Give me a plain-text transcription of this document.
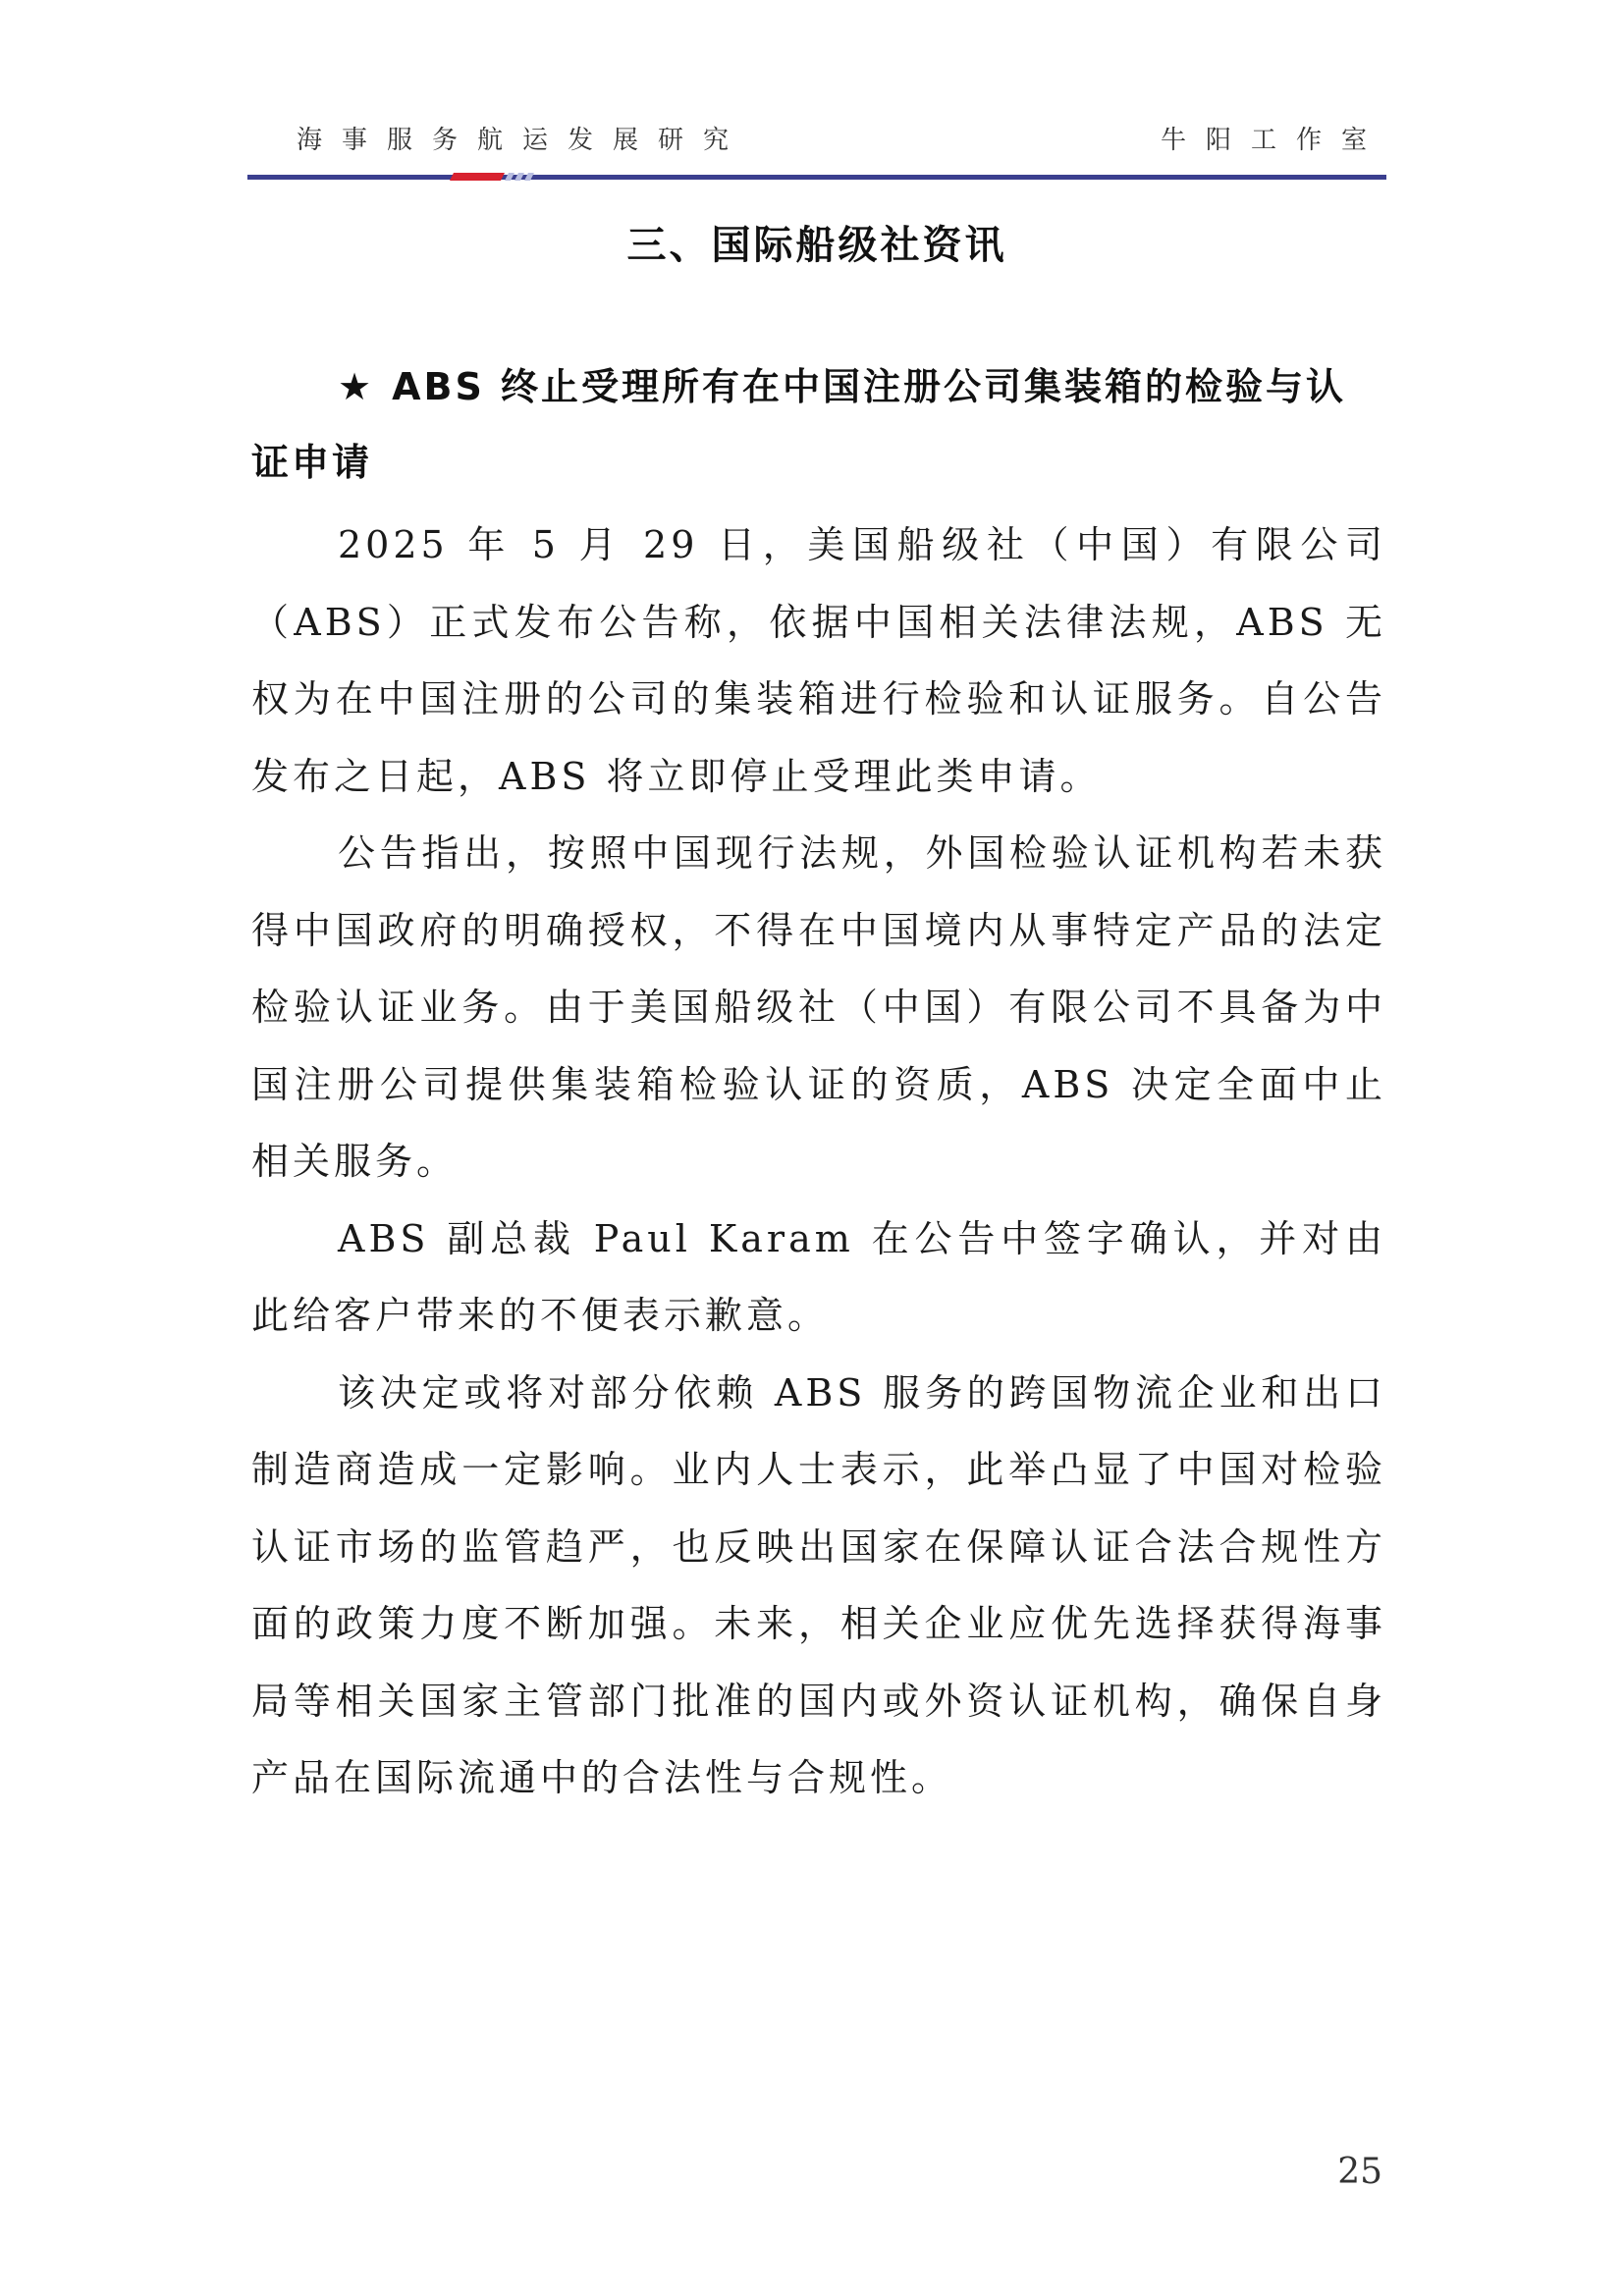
海事服务航运发展研究	牛阳工作室
三、国际船级社资讯
★ ABS 终止受理所有在中国注册公司集装箱的检验与认证申请

2025 年 5 月 29 日，美国船级社（中国）有限公司（ABS）正式发布公告称，依据中国相关法律法规，ABS 无权为在中国注册的公司的集装箱进行检验和认证服务。自公告发布之日起，ABS 将立即停止受理此类申请。

公告指出，按照中国现行法规，外国检验认证机构若未获得中国政府的明确授权，不得在中国境内从事特定产品的法定检验认证业务。由于美国船级社（中国）有限公司不具备为中国注册公司提供集装箱检验认证的资质，ABS 决定全面中止相关服务。

ABS 副总裁 Paul Karam 在公告中签字确认，并对由此给客户带来的不便表示歉意。

该决定或将对部分依赖 ABS 服务的跨国物流企业和出口制造商造成一定影响。业内人士表示，此举凸显了中国对检验认证市场的监管趋严，也反映出国家在保障认证合法合规性方面的政策力度不断加强。未来，相关企业应优先选择获得海事局等相关国家主管部门批准的国内或外资认证机构，确保自身产品在国际流通中的合法性与合规性。

25
